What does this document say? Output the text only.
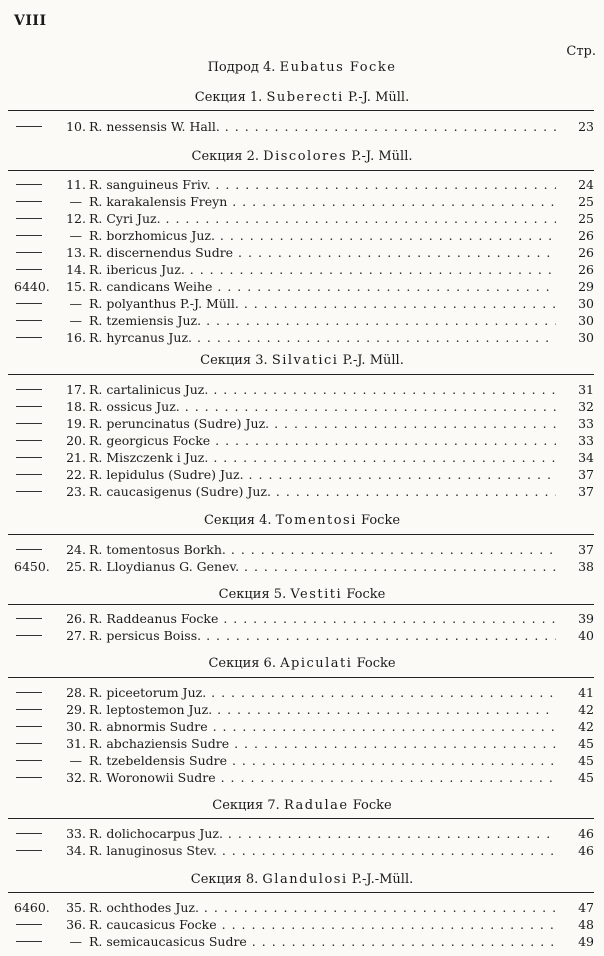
VIII
Стр.
Подрод 4. Eubatus Focke
Секция 1. Suberecti P.-J. Müll.
10. R. nessensis W. Hall. . . .	23
Секция 2. Discolores P.-J. Müll.
11. R. sanguineus Friv. . . .	24
— R. karakalensis Freyn . . .	25
12. R. Cyri Juz. . . .	25
— R. borzhomicus Juz. . . .	26
13. R. discernendus Sudre . . .	26
14. R. ibericus Juz. . . .	26
6440.	15. R. candicans Weihe . . .	29
— R. polyanthus P.-J. Müll. . . .	30
— R. tzemiensis Juz. . . .	30
16. R. hyrcanus Juz. . . .	30
Секция 3. Silvatici P.-J. Müll.
17. R. cartalinicus Juz. . . .	31
18. R. ossicus Juz. . . .	32
19. R. peruncinatus (Sudre) Juz. . . .	33
20. R. georgicus Focke . . .	33
21. R. Miszczenk i Juz. . . .	34
22. R. lepidulus (Sudre) Juz. . . .	37
23. R. caucasigenus (Sudre) Juz. . . .	37
Секция 4. Tomentosi Focke
24. R. tomentosus Borkh. . . .	37
6450.	25. R. Lloydianus G. Genev. . . .	38
Секция 5. Vestiti Focke
26. R. Raddeanus Focke . . .	39
27. R. persicus Boiss. . . .	40
Секция 6. Apiculati Focke
28. R. piceetorum Juz. . . .	41
29. R. leptostemon Juz. . . .	42
30. R. abnormis Sudre . . .	42
31. R. abchaziensis Sudre . . .	45
— R. tzebeldensis Sudre . . .	45
32. R. Woronowii Sudre . . .	45
Секция 7. Radulae Focke
33. R. dolichocarpus Juz. . . .	46
34. R. lanuginosus Stev. . . .	46
Секция 8. Glandulosi P.-J.-Müll.
6460.	35. R. ochthodes Juz. . . .	47
36. R. caucasicus Focke . . .	48
— R. semicaucasicus Sudre . . .	49
